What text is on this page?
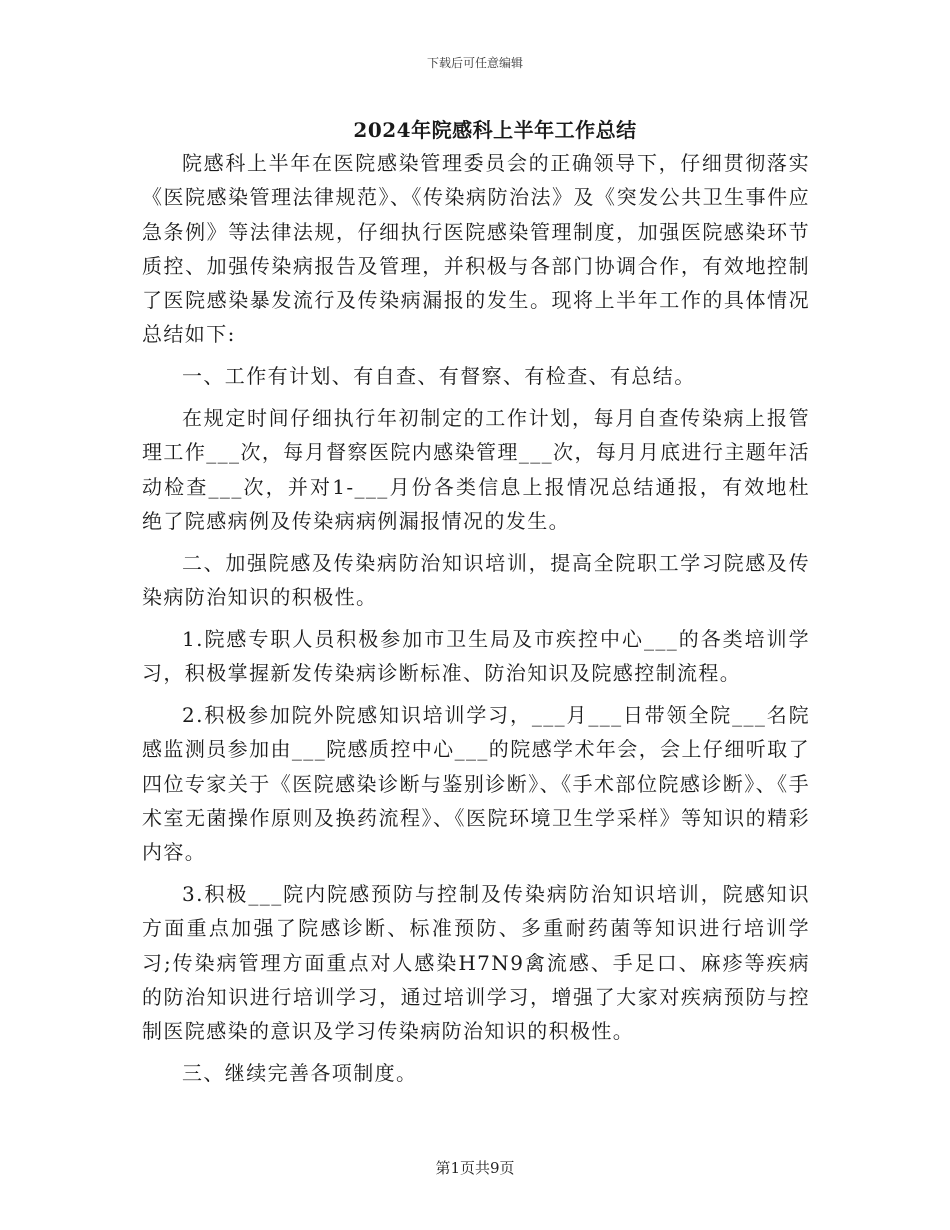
下载后可任意编辑
2024年院感科上半年工作总结

院感科上半年在医院感染管理委员会的正确领导下，仔细贯彻落实《医院感染管理法律规范》、《传染病防治法》及《突发公共卫生事件应急条例》等法律法规，仔细执行医院感染管理制度，加强医院感染环节质控、加强传染病报告及管理，并积极与各部门协调合作，有效地控制了医院感染暴发流行及传染病漏报的发生。现将上半年工作的具体情况总结如下:

一、工作有计划、有自查、有督察、有检查、有总结。

在规定时间仔细执行年初制定的工作计划，每月自查传染病上报管理工作___次，每月督察医院内感染管理___次，每月月底进行主题年活动检查___次，并对1-___月份各类信息上报情况总结通报，有效地杜绝了院感病例及传染病病例漏报情况的发生。

二、加强院感及传染病防治知识培训，提高全院职工学习院感及传染病防治知识的积极性。

1.院感专职人员积极参加市卫生局及市疾控中心___的各类培训学习，积极掌握新发传染病诊断标准、防治知识及院感控制流程。

2.积极参加院外院感知识培训学习，___月___日带领全院___名院感监测员参加由___院感质控中心___的院感学术年会，会上仔细听取了四位专家关于《医院感染诊断与鉴别诊断》、《手术部位院感诊断》、《手术室无菌操作原则及换药流程》、《医院环境卫生学采样》等知识的精彩内容。

3.积极___院内院感预防与控制及传染病防治知识培训，院感知识方面重点加强了院感诊断、标准预防、多重耐药菌等知识进行培训学习;传染病管理方面重点对人感染H7N9禽流感、手足口、麻疹等疾病的防治知识进行培训学习，通过培训学习，增强了大家对疾病预防与控制医院感染的意识及学习传染病防治知识的积极性。

三、继续完善各项制度。

第1页共9页
